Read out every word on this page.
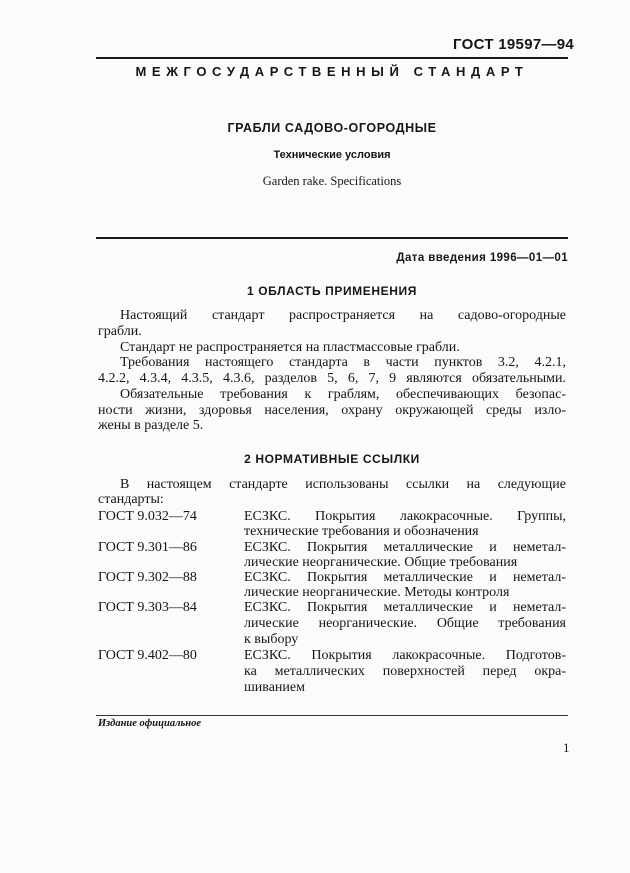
ГОСТ 19597—94
МЕЖГОСУДАРСТВЕННЫЙ СТАНДАРТ
ГРАБЛИ САДОВО-ОГОРОДНЫЕ
Технические условия
Garden rake. Specifications
Дата введения 1996—01—01
1 ОБЛАСТЬ ПРИМЕНЕНИЯ
Настоящий стандарт распространяется на садово-огородные
грабли.
Стандарт не распространяется на пластмассовые грабли.
Требования настоящего стандарта в части пунктов 3.2, 4.2.1,
4.2.2, 4.3.4, 4.3.5, 4.3.6, разделов 5, 6, 7, 9 являются обязательными.
Обязательные требования к граблям, обеспечивающих безопас-
ности жизни, здоровья населения, охрану окружающей среды изло-
жены в разделе 5.
2 НОРМАТИВНЫЕ ССЫЛКИ
В настоящем стандарте использованы ссылки на следующие
стандарты:
ГОСТ 9.032—74	ЕСЗКС. Покрытия лакокрасочные. Группы,
технические требования и обозначения
ГОСТ 9.301—86	ЕСЗКС. Покрытия металлические и неметал-
лические неорганические. Общие требования
ГОСТ 9.302—88	ЕСЗКС. Покрытия металлические и неметал-
лические неорганические. Методы контроля
ГОСТ 9.303—84	ЕСЗКС. Покрытия металлические и неметал-
лические неорганические. Общие требования
к выбору
ГОСТ 9.402—80	ЕСЗКС. Покрытия лакокрасочные. Подготов-
ка металлических поверхностей перед окра-
шиванием
Издание официальное
1
